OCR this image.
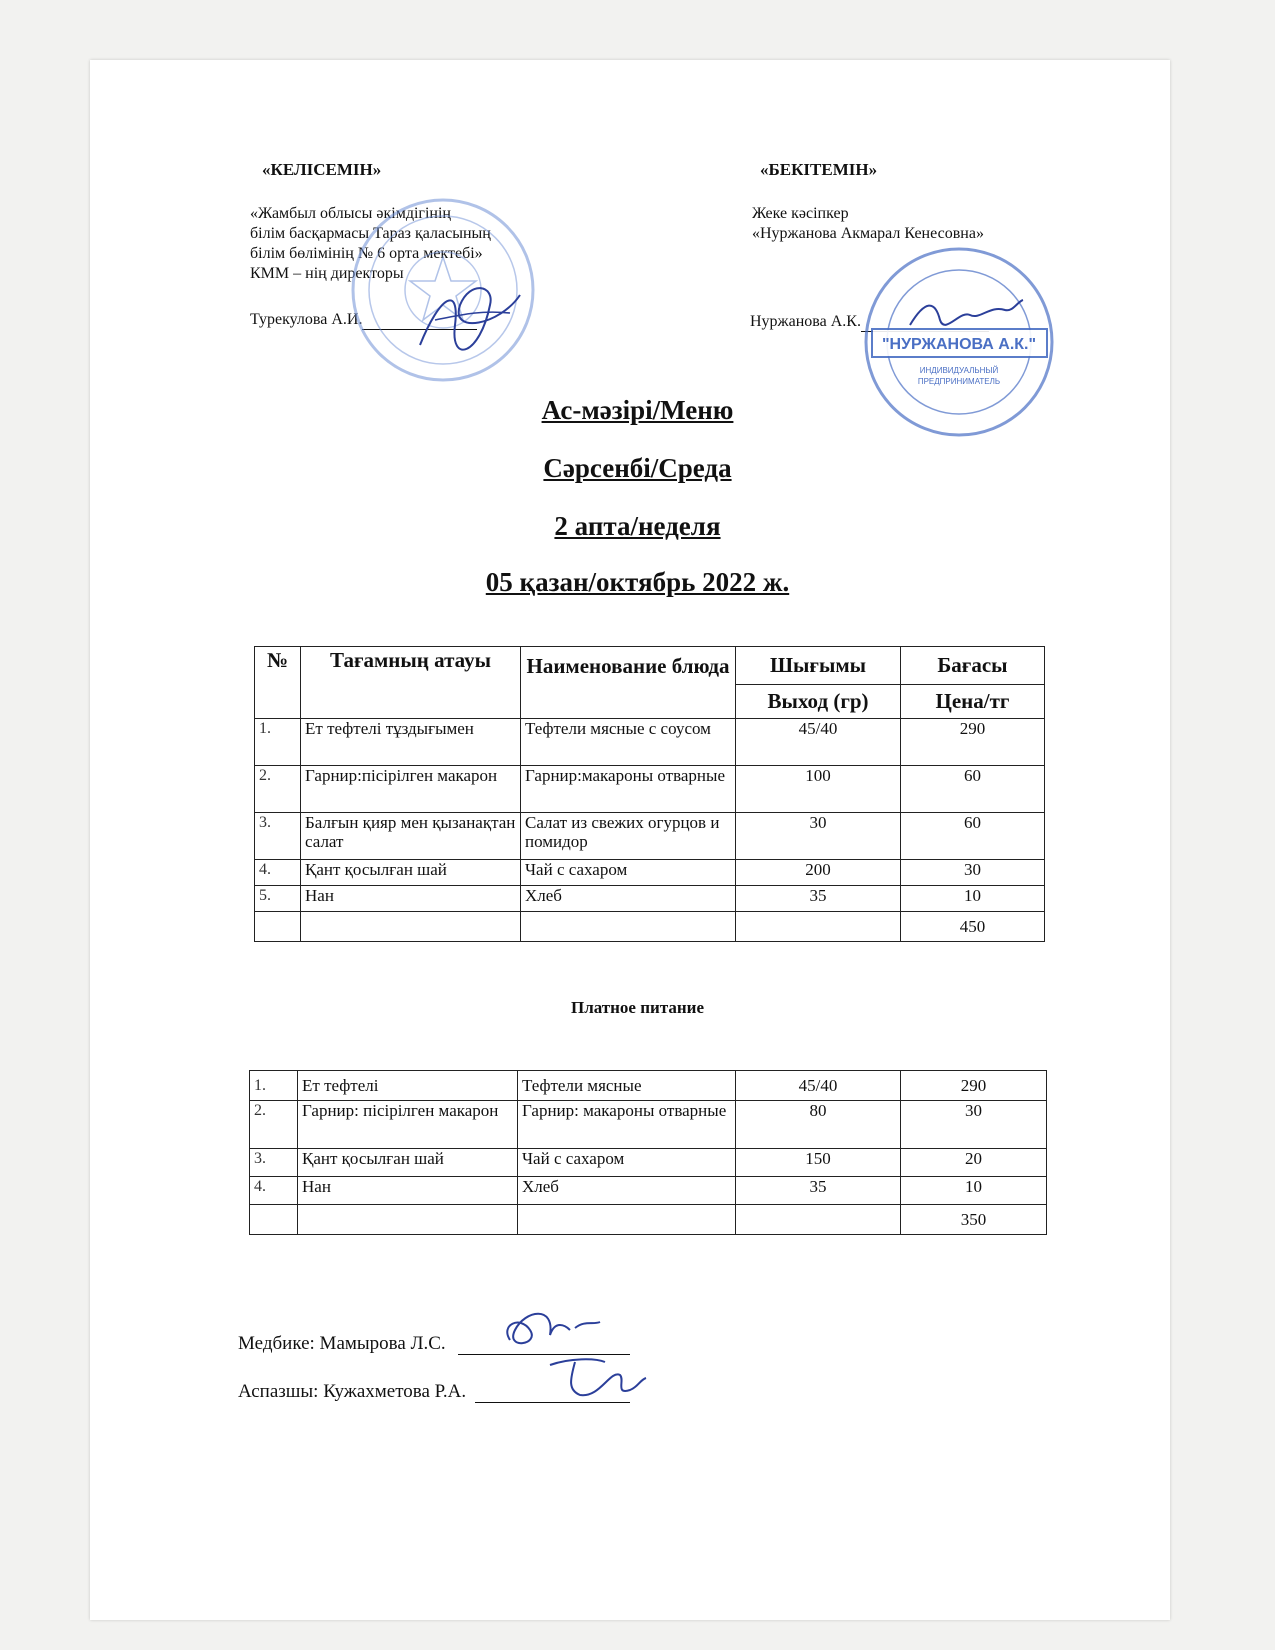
«КЕЛІСЕМІН»
«Жамбыл облысы әкімдігінің
білім басқармасы Тараз қаласының
білім бөлімінің № 6 орта мектебі»
КММ – нің директоры
Турекулова А.И.
«БЕКІТЕМІН»
Жеке кәсіпкер
«Нуржанова Акмарал Кенесовна»
Нуржанова А.К.
"НУРЖАНОВА А.К."
ИНДИВИДУАЛЬНЫЙ
ПРЕДПРИНИМАТЕЛЬ
Ас-мәзірі/Меню
Сәрсенбі/Среда
2 апта/неделя
05 қазан/октябрь 2022 ж.
№	Тағамның атауы	Наименование блюда	Шығымы	Бағасы
			Выход (гр)	Цена/тг
1.	Ет тефтелі тұздығымен	Тефтели мясные с соусом	45/40	290
2.	Гарнир:пісірілген макарон	Гарнир:макароны отварные	100	60
3.	Балғын қияр мен қызанақтан салат	Салат из свежих огурцов и помидор	30	60
4.	Қант қосылған шай	Чай с сахаром	200	30
5.	Нан	Хлеб	35	10
				450
Платное питание
1.	Ет тефтелі	Тефтели мясные	45/40	290
2.	Гарнир: пісірілген макарон	Гарнир: макароны отварные	80	30
3.	Қант қосылған шай	Чай с сахаром	150	20
4.	Нан	Хлеб	35	10
				350
Медбике: Мамырова Л.С.
Аспазшы: Кужахметова Р.А.
